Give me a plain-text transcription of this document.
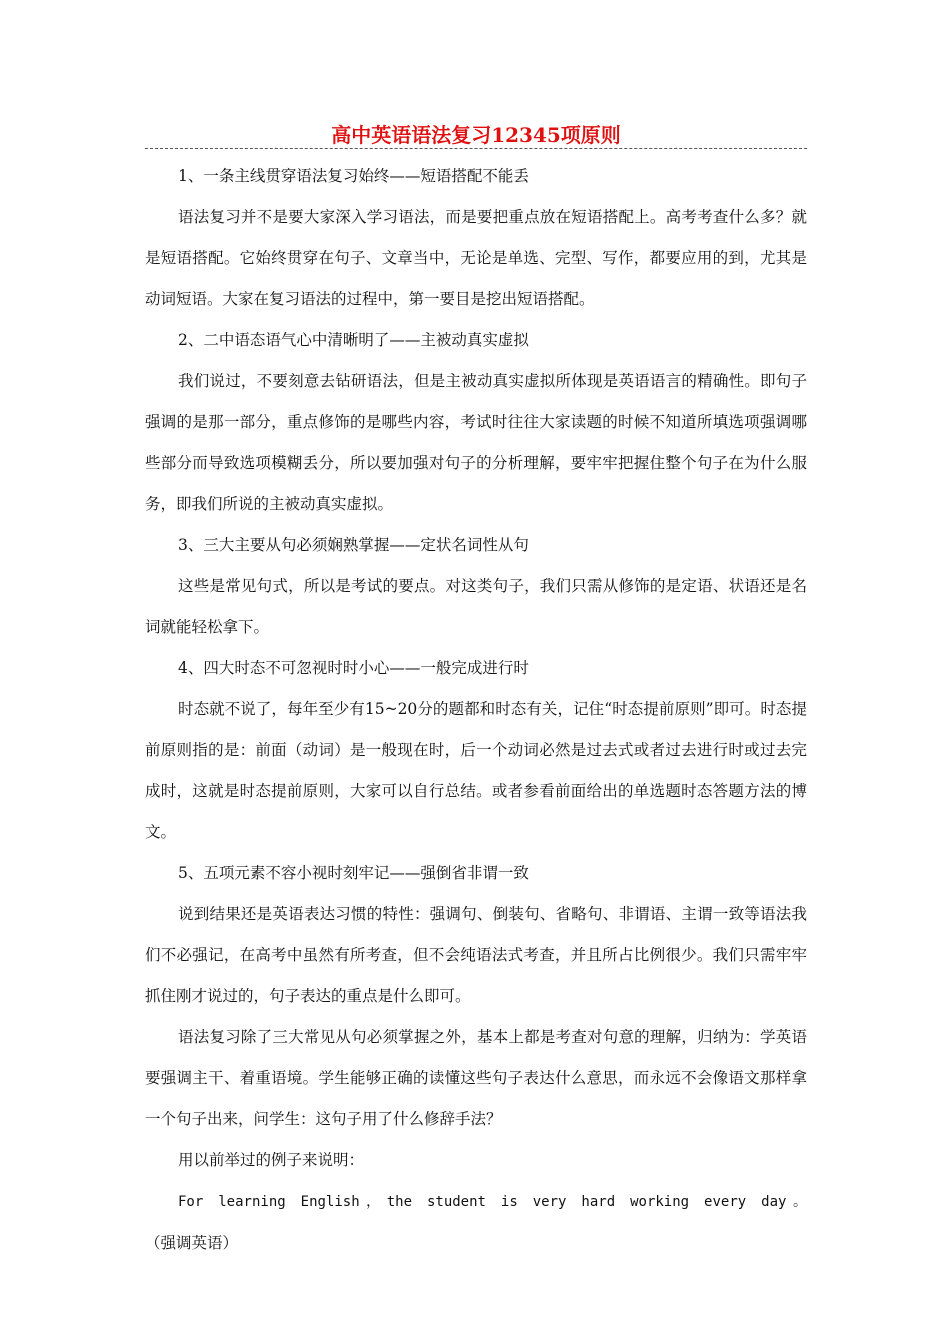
高中英语语法复习12345项原则

1、一条主线贯穿语法复习始终——短语搭配不能丢

语法复习并不是要大家深入学习语法，而是要把重点放在短语搭配上。高考考查什么多？就是短语搭配。它始终贯穿在句子、文章当中，无论是单选、完型、写作，都要应用的到，尤其是动词短语。大家在复习语法的过程中，第一要目是挖出短语搭配。

2、二中语态语气心中清晰明了——主被动真实虚拟

我们说过，不要刻意去钻研语法，但是主被动真实虚拟所体现是英语语言的精确性。即句子强调的是那一部分，重点修饰的是哪些内容，考试时往往大家读题的时候不知道所填选项强调哪些部分而导致选项模糊丢分，所以要加强对句子的分析理解，要牢牢把握住整个句子在为什么服务，即我们所说的主被动真实虚拟。

3、三大主要从句必须娴熟掌握——定状名词性从句

这些是常见句式，所以是考试的要点。对这类句子，我们只需从修饰的是定语、状语还是名词就能轻松拿下。

4、四大时态不可忽视时时小心——一般完成进行时

时态就不说了，每年至少有15~20分的题都和时态有关，记住“时态提前原则”即可。时态提前原则指的是：前面（动词）是一般现在时，后一个动词必然是过去式或者过去进行时或过去完成时，这就是时态提前原则，大家可以自行总结。或者参看前面给出的单选题时态答题方法的博文。

5、五项元素不容小视时刻牢记——强倒省非谓一致

说到结果还是英语表达习惯的特性：强调句、倒装句、省略句、非谓语、主谓一致等语法我们不必强记，在高考中虽然有所考查，但不会纯语法式考查，并且所占比例很少。我们只需牢牢抓住刚才说过的，句子表达的重点是什么即可。

语法复习除了三大常见从句必须掌握之外，基本上都是考查对句意的理解，归纳为：学英语要强调主干、着重语境。学生能够正确的读懂这些句子表达什么意思，而永远不会像语文那样拿一个句子出来，问学生：这句子用了什么修辞手法？

用以前举过的例子来说明：

For learning English，the student is very hard working every day。（强调英语）
